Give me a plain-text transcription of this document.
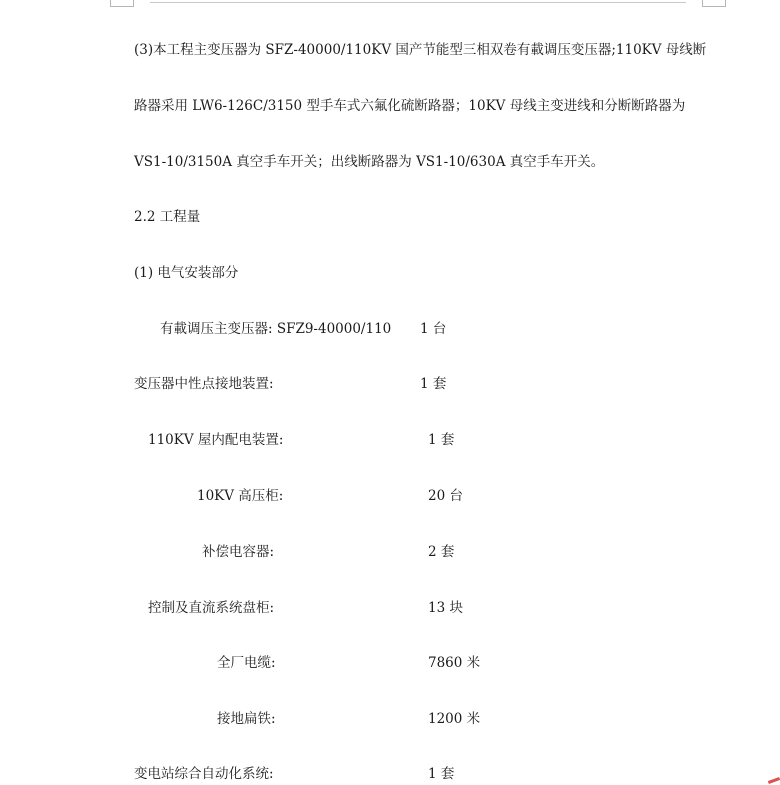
(3)本工程主变压器为 SFZ-40000/110KV 国产节能型三相双卷有載调压变压器;110KV 母线断
路器采用 LW6-126C/3150 型手车式六氟化硫断路器；10KV 母线主变进线和分断断路器为
VS1-10/3150A 真空手车开关；出线断路器为 VS1-10/630A 真空手车开关。
2.2 工程量
(1) 电气安装部分
有載调压主变压器: SFZ9-40000/110 1 台
变压器中性点接地装置:	1 套
110KV 屋内配电装置:	1 套
10KV 高压柜:	20 台
补偿电容器:	2 套
控制及直流系统盘柜:	13 块
全厂电缆:	7860 米
接地扁铁:	1200 米
变电站综合自动化系统:	1 套
